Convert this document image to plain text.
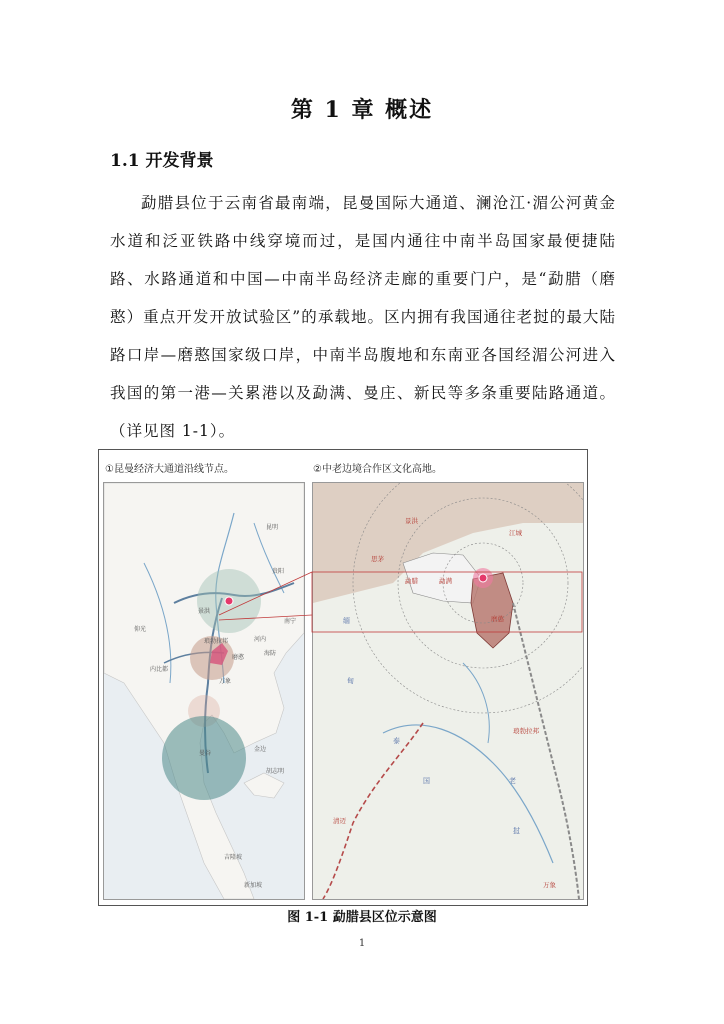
第 1 章 概述
1.1 开发背景
勐腊县位于云南省最南端，昆曼国际大通道、澜沧江·湄公河黄金水道和泛亚铁路中线穿境而过，是国内通往中南半岛国家最便捷陆路、水路通道和中国—中南半岛经济走廊的重要门户，是“勐腊（磨憨）重点开发开放试验区”的承载地。区内拥有我国通往老挝的最大陆路口岸—磨憨国家级口岸，中南半岛腹地和东南亚各国经湄公河进入我国的第一港—关累港以及勐满、曼庄、新民等多条重要陆路通道。（详见图 1-1）。
①昆曼经济大通道沿线节点。	②中老边境合作区文化高地。
昆明
贵阳
南宁
河内
海防
内比都
仰光
曼谷
万象
金边
胡志明
吉隆坡
新加坡
景洪
磨憨
琅勃拉邦
思茅
江城
景洪
勐腊	勐满
磨憨
琅勃拉邦
老
挝
缅
甸
泰
国
清迈
万象
图 1-1 勐腊县区位示意图
1
